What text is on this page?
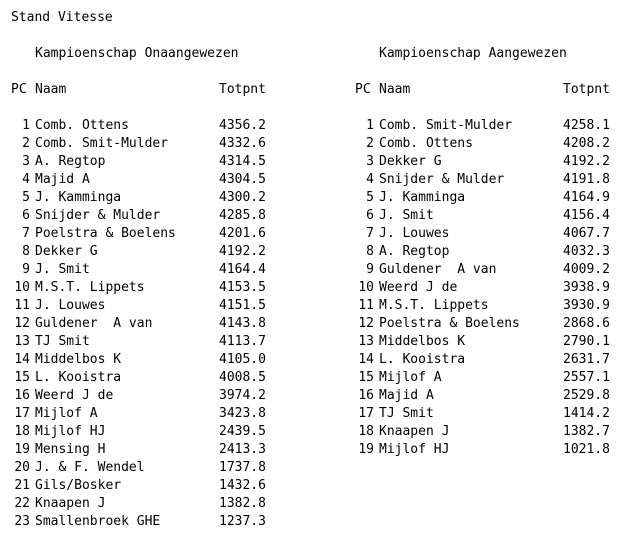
Stand Vitesse
Kampioenschap Onaangewezen
PC Naam	Totpnt
1 Comb. Ottens	4356.2
2 Comb. Smit-Mulder	4332.6
3 A. Regtop	4314.5
4 Majid A	4304.5
5 J. Kamminga	4300.2
6 Snijder & Mulder	4285.8
7 Poelstra & Boelens	4201.6
8 Dekker G	4192.2
9 J. Smit	4164.4
10 M.S.T. Lippets	4153.5
11 J. Louwes	4151.5
12 Guldener  A van	4143.8
13 TJ Smit	4113.7
14 Middelbos K	4105.0
15 L. Kooistra	4008.5
16 Weerd J de	3974.2
17 Mijlof A	3423.8
18 Mijlof HJ	2439.5
19 Mensing H	2413.3
20 J. & F. Wendel	1737.8
21 Gils/Bosker	1432.6
22 Knaapen J	1382.8
23 Smallenbroek GHE	1237.3
Kampioenschap Aangewezen
PC Naam	Totpnt
1 Comb. Smit-Mulder	4258.1
2 Comb. Ottens	4208.2
3 Dekker G	4192.2
4 Snijder & Mulder	4191.8
5 J. Kamminga	4164.9
6 J. Smit	4156.4
7 J. Louwes	4067.7
8 A. Regtop	4032.3
9 Guldener  A van	4009.2
10 Weerd J de	3938.9
11 M.S.T. Lippets	3930.9
12 Poelstra & Boelens	2868.6
13 Middelbos K	2790.1
14 L. Kooistra	2631.7
15 Mijlof A	2557.1
16 Majid A	2529.8
17 TJ Smit	1414.2
18 Knaapen J	1382.7
19 Mijlof HJ	1021.8
